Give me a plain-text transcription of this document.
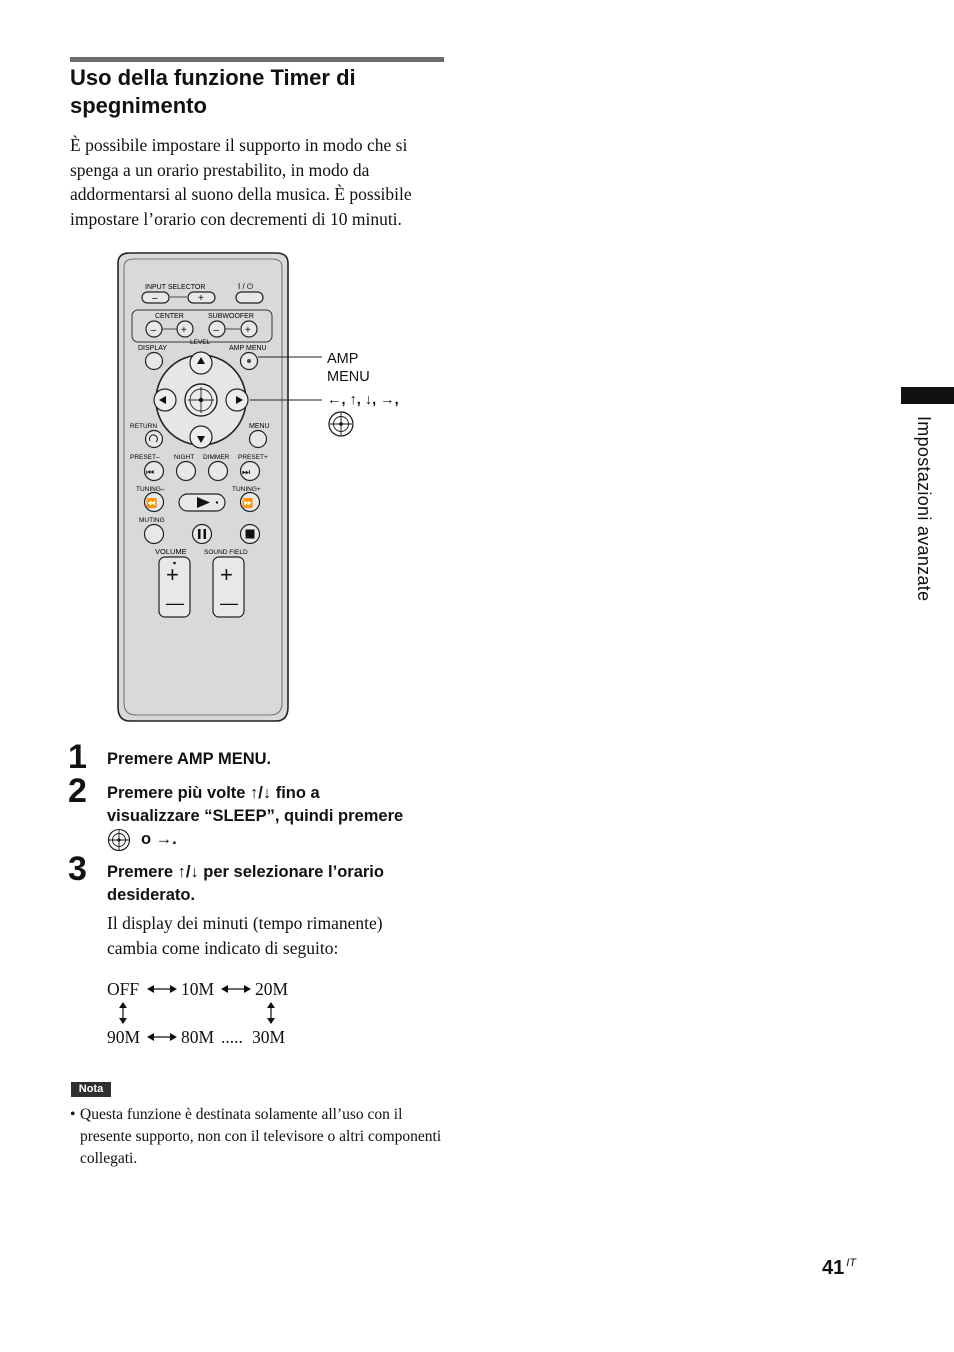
Uso della funzione Timer di spegnimento
È possibile impostare il supporto in modo che si spenga a un orario prestabilito, in modo da addormentarsi al suono della musica. È possibile impostare l’orario con decrementi di 10 minuti.
INPUT SELECTOR
–	+
I / ⏻
CENTER	SUBWOOFER
– +
LEVEL
–	+
DISPLAY	AMP MENU
RETURN	MENU
PRESET– NIGHT DIMMER PRESET+
⏮	⏭
TUNING–	TUNING+
⏪	⏩
MUTING
VOLUME	SOUND FIELD
+
—
+
—
AMP
MENU
←, ↑, ↓, →,
1 Premere AMP MENU.
2 Premere più volte ↑/↓ fino a
visualizzare “SLEEP”, quindi premere
o →.
3 Premere ↑/↓ per selezionare l’orario
desiderato.
Il display dei minuti (tempo rimanente) cambia come indicato di seguito:
OFF 10M 20M
90M 80M ..... 30M
Nota
• Questa funzione è destinata solamente all’uso con il presente supporto, non con il televisore o altri componenti collegati.
Impostazioni avanzate
41 $^{IT}$
